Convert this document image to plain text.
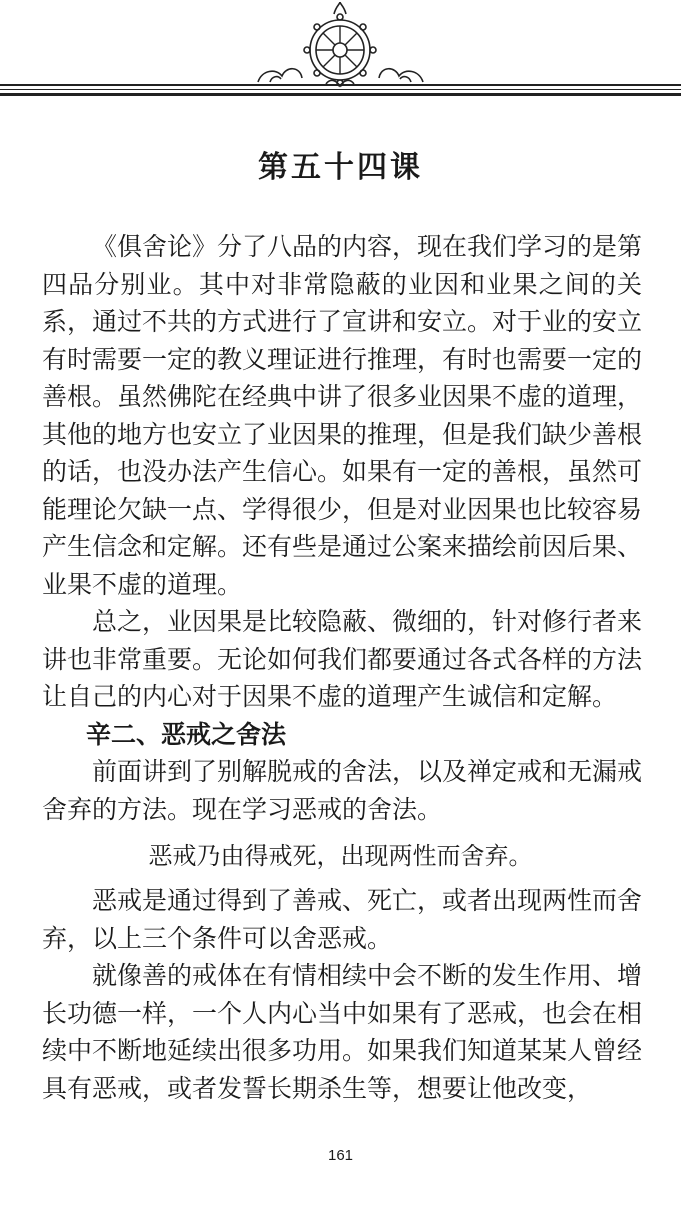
第五十四课

《俱舍论》分了八品的内容，现在我们学习的是第四品分别业。其中对非常隐蔽的业因和业果之间的关系，通过不共的方式进行了宣讲和安立。对于业的安立有时需要一定的教义理证进行推理，有时也需要一定的善根。虽然佛陀在经典中讲了很多业因果不虚的道理，其他的地方也安立了业因果的推理，但是我们缺少善根的话，也没办法产生信心。如果有一定的善根，虽然可能理论欠缺一点、学得很少，但是对业因果也比较容易产生信念和定解。还有些是通过公案来描绘前因后果、业果不虚的道理。

总之，业因果是比较隐蔽、微细的，针对修行者来讲也非常重要。无论如何我们都要通过各式各样的方法让自己的内心对于因果不虚的道理产生诚信和定解。

辛二、恶戒之舍法

前面讲到了别解脱戒的舍法，以及禅定戒和无漏戒舍弃的方法。现在学习恶戒的舍法。

恶戒乃由得戒死，出现两性而舍弃。

恶戒是通过得到了善戒、死亡，或者出现两性而舍弃，以上三个条件可以舍恶戒。

就像善的戒体在有情相续中会不断的发生作用、增长功德一样，一个人内心当中如果有了恶戒，也会在相续中不断地延续出很多功用。如果我们知道某某人曾经具有恶戒，或者发誓长期杀生等，想要让他改变，

161
